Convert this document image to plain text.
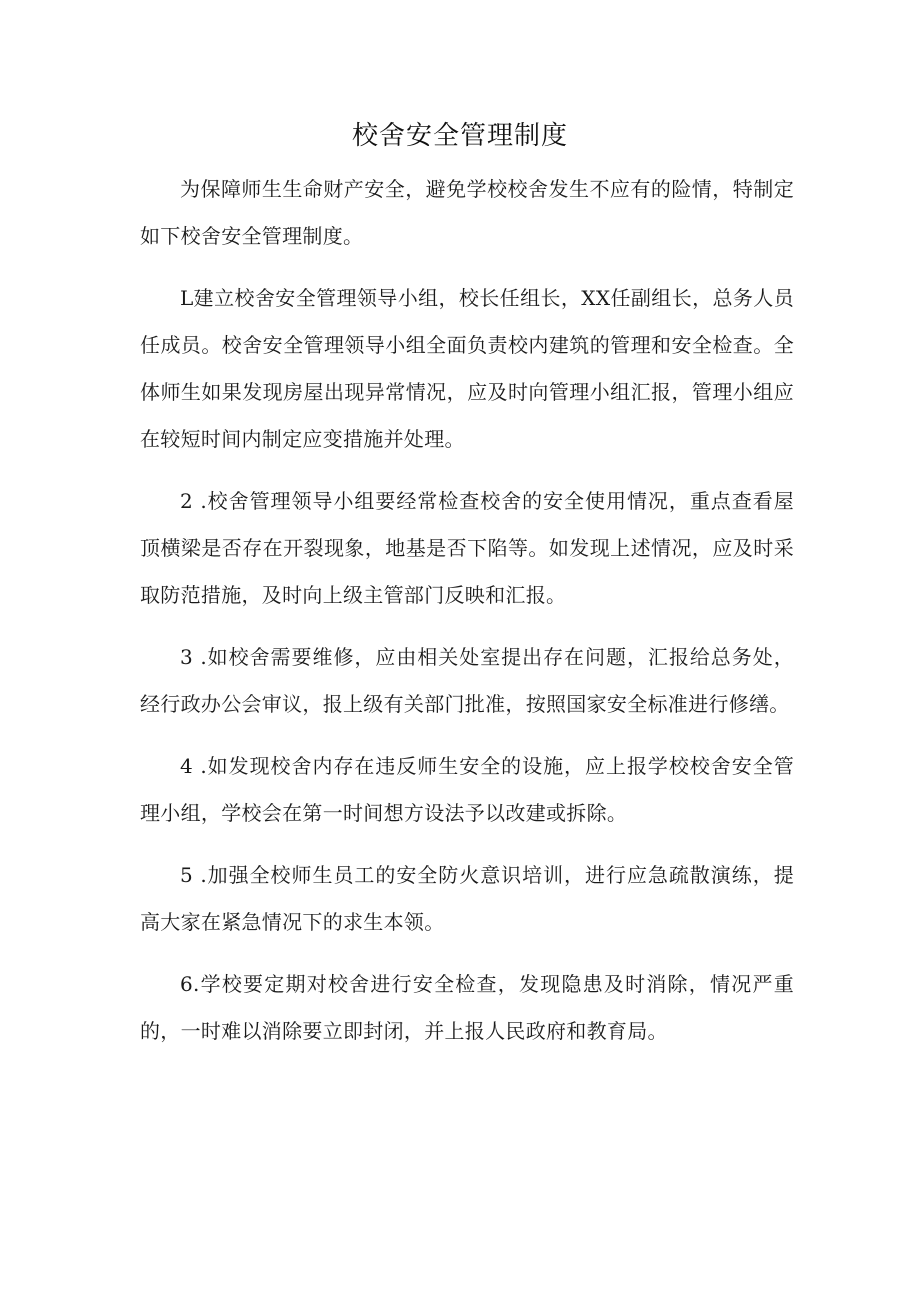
校舍安全管理制度

为保障师生生命财产安全，避免学校校舍发生不应有的险情，特制定如下校舍安全管理制度。

L建立校舍安全管理领导小组，校长任组长，XX任副组长，总务人员任成员。校舍安全管理领导小组全面负责校内建筑的管理和安全检查。全体师生如果发现房屋出现异常情况，应及时向管理小组汇报，管理小组应在较短时间内制定应变措施并处理。

2 .校舍管理领导小组要经常检查校舍的安全使用情况，重点查看屋顶横梁是否存在开裂现象，地基是否下陷等。如发现上述情况，应及时采取防范措施，及时向上级主管部门反映和汇报。

3 .如校舍需要维修，应由相关处室提出存在问题，汇报给总务处，经行政办公会审议，报上级有关部门批准，按照国家安全标准进行修缮。

4 .如发现校舍内存在违反师生安全的设施，应上报学校校舍安全管理小组，学校会在第一时间想方设法予以改建或拆除。

5 .加强全校师生员工的安全防火意识培训，进行应急疏散演练，提高大家在紧急情况下的求生本领。

6.学校要定期对校舍进行安全检查，发现隐患及时消除，情况严重的，一时难以消除要立即封闭，并上报人民政府和教育局。
